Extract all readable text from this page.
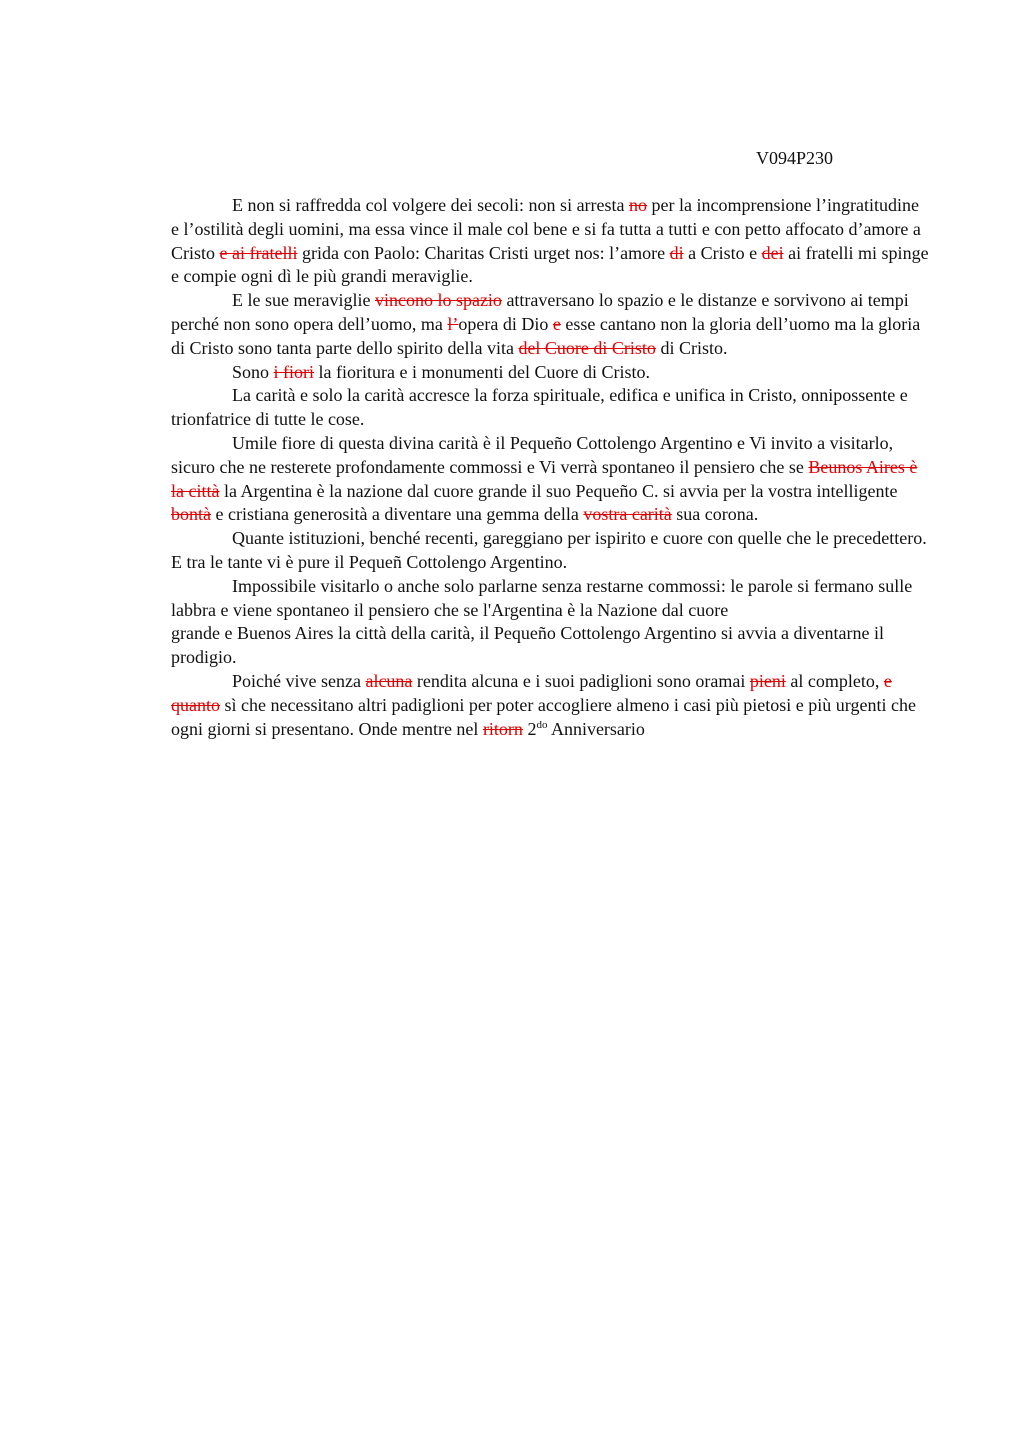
V094P230

E non si raffredda col volgere dei secoli: non si arresta no per la incomprensione l’ingratitudine e l’ostilità degli uomini, ma essa vince il male col bene e si fa tutta a tutti e con petto affocato d’amore a Cristo e ai fratelli grida con Paolo: Charitas Cristi urget nos: l’amore di a Cristo e dei ai fratelli mi spinge e compie ogni dì le più grandi meraviglie.

E le sue meraviglie vincono lo spazio attraversano lo spazio e le distanze e sorvivono ai tempi perché non sono opera dell’uomo, ma l’opera di Dio e esse cantano non la gloria dell’uomo ma la gloria di Cristo sono tanta parte dello spirito della vita del Cuore di Cristo di Cristo.

Sono i fiori la fioritura e i monumenti del Cuore di Cristo.

La carità e solo la carità accresce la forza spirituale, edifica e unifica in Cristo, onnipossente e trionfatrice di tutte le cose.

Umile fiore di questa divina carità è il Pequeño Cottolengo Argentino e Vi invito a visitarlo, sicuro che ne resterete profondamente commossi e Vi verrà spontaneo il pensiero che se Beunos Aires è la città la Argentina è la nazione dal cuore grande il suo Pequeño C. si avvia per la vostra intelligente bontà e cristiana generosità a diventare una gemma della vostra carità sua corona.

Quante istituzioni, benché recenti, gareggiano per ispirito e cuore con quelle che le precedettero. E tra le tante vi è pure il Pequeñ Cottolengo Argentino.

Impossibile visitarlo o anche solo parlarne senza restarne commossi: le parole si fermano sulle labbra e viene spontaneo il pensiero che se l'Argentina è la Nazione dal cuore

grande e Buenos Aires la città della carità, il Pequeño Cottolengo Argentino si avvia a diventarne il prodigio.

Poiché vive senza alcuna rendita alcuna e i suoi padiglioni sono oramai pieni al completo, e quanto sì che necessitano altri padiglioni per poter accogliere almeno i casi più pietosi e più urgenti che ogni giorni si presentano. Onde mentre nel ritorn $2^{do}$ Anniversario
